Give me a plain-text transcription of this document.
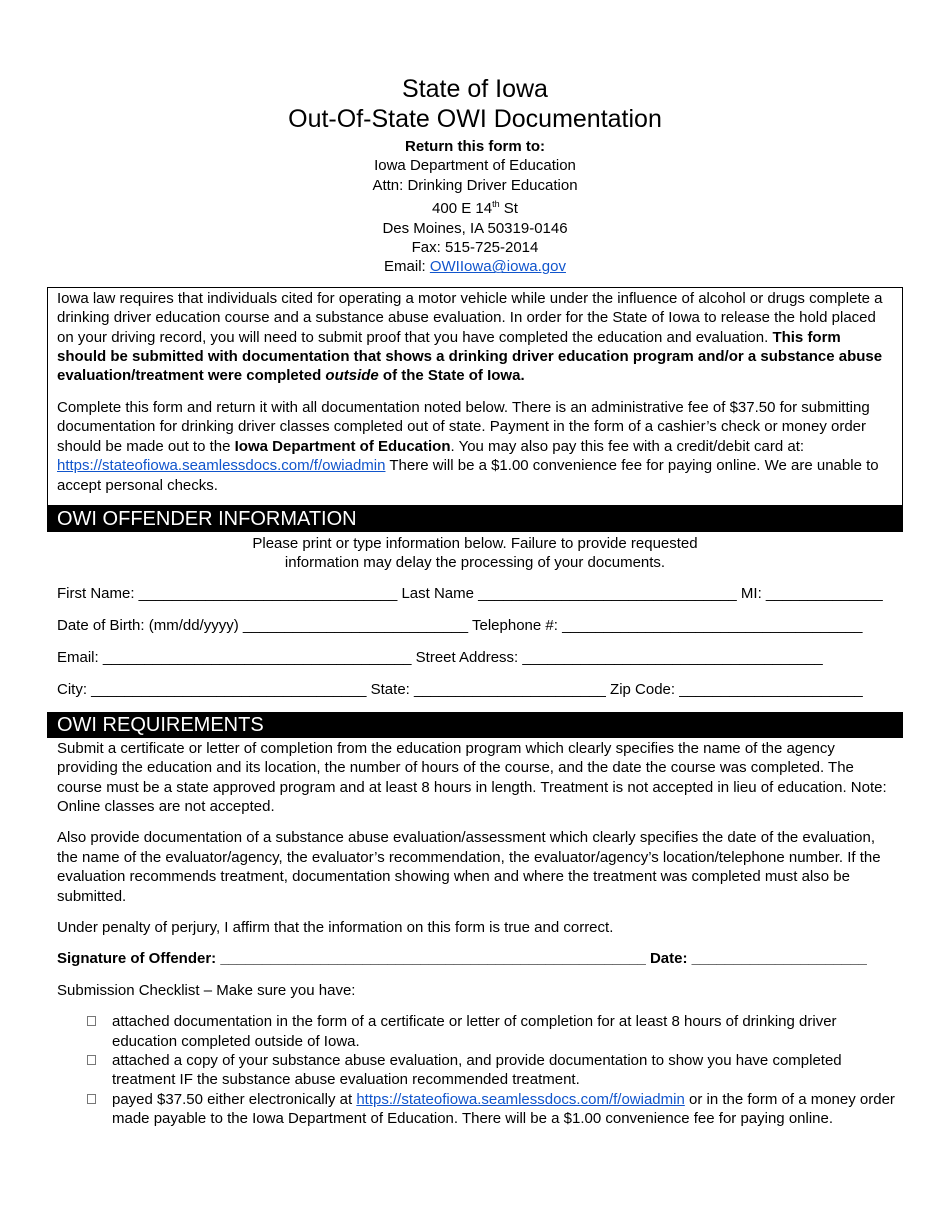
State of Iowa
Out-Of-State OWI Documentation
Return this form to:
Iowa Department of Education
Attn: Drinking Driver Education
400 E 14th St
Des Moines, IA 50319-0146
Fax: 515-725-2014
Email: OWIIowa@iowa.gov

Iowa law requires that individuals cited for operating a motor vehicle while under the influence of alcohol or drugs complete a drinking driver education course and a substance abuse evaluation. In order for the State of Iowa to release the hold placed on your driving record, you will need to submit proof that you have completed the education and evaluation. This form should be submitted with documentation that shows a drinking driver education program and/or a substance abuse evaluation/treatment were completed outside of the State of Iowa.

Complete this form and return it with all documentation noted below. There is an administrative fee of $37.50 for submitting documentation for drinking driver classes completed out of state. Payment in the form of a cashier’s check or money order should be made out to the Iowa Department of Education. You may also pay this fee with a credit/debit card at: https://stateofiowa.seamlessdocs.com/f/owiadmin There will be a $1.00 convenience fee for paying online. We are unable to accept personal checks.

OWI OFFENDER INFORMATION
Please print or type information below. Failure to provide requested
information may delay the processing of your documents.
First Name: _______________________________ Last Name _______________________________ MI: ______________
Date of Birth: (mm/dd/yyyy) ___________________________ Telephone #: ____________________________________
Email: _____________________________________ Street Address: ____________________________________
City: _________________________________ State: _______________________ Zip Code: ______________________
OWI REQUIREMENTS
Submit a certificate or letter of completion from the education program which clearly specifies the name of the agency providing the education and its location, the number of hours of the course, and the date the course was completed. The course must be a state approved program and at least 8 hours in length. Treatment is not accepted in lieu of education. Note: Online classes are not accepted.
Also provide documentation of a substance abuse evaluation/assessment which clearly specifies the date of the evaluation, the name of the evaluator/agency, the evaluator’s recommendation, the evaluator/agency’s location/telephone number. If the evaluation recommends treatment, documentation showing when and where the treatment was completed must also be submitted.
Under penalty of perjury, I affirm that the information on this form is true and correct.
Signature of Offender: ___________________________________________________ Date: _____________________
Submission Checklist – Make sure you have:
attached documentation in the form of a certificate or letter of completion for at least 8 hours of drinking driver education completed outside of Iowa.
attached a copy of your substance abuse evaluation, and provide documentation to show you have completed treatment IF the substance abuse evaluation recommended treatment.
payed $37.50 either electronically at https://stateofiowa.seamlessdocs.com/f/owiadmin or in the form of a money order made payable to the Iowa Department of Education. There will be a $1.00 convenience fee for paying online.
